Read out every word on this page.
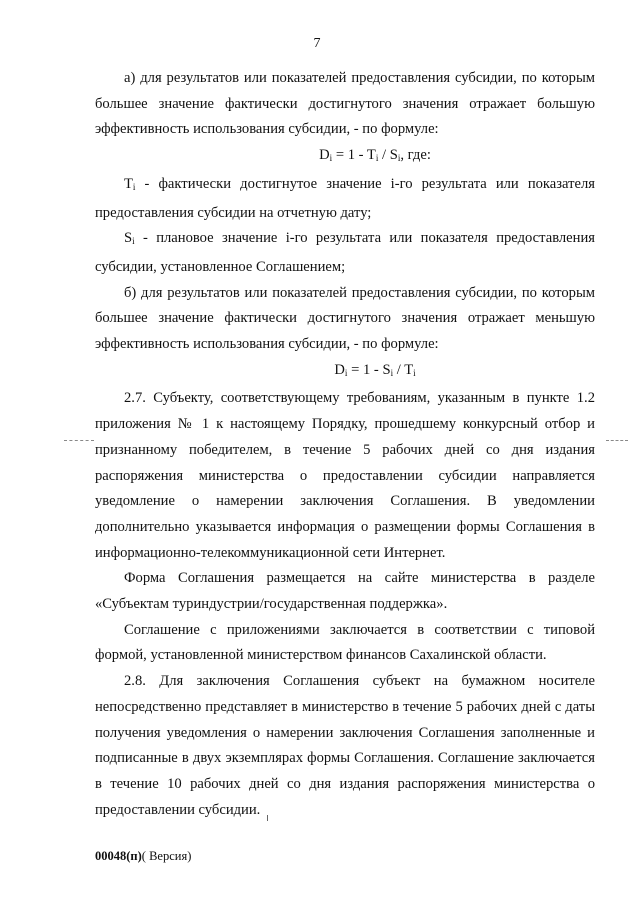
7

а) для результатов или показателей предоставления субсидии, по которым большее значение фактически достигнутого значения отражает большую эффективность использования субсидии, - по формуле:

$D_i = 1 - T_i / S_i$, где:

$T_i$ - фактически достигнутое значение i-го результата или показателя предоставления субсидии на отчетную дату;

$S_i$ - плановое значение i-го результата или показателя предоставления субсидии, установленное Соглашением;

б) для результатов или показателей предоставления субсидии, по которым большее значение фактически достигнутого значения отражает меньшую эффективность использования субсидии, - по формуле:

$D_i = 1 - S_i / T_i$

2.7. Субъекту, соответствующему требованиям, указанным в пункте 1.2 приложения № 1 к настоящему Порядку, прошедшему конкурсный отбор и признанному победителем, в течение 5 рабочих дней со дня издания распоряжения министерства о предоставлении субсидии направляется уведомление о намерении заключения Соглашения. В уведомлении дополнительно указывается информация о размещении формы Соглашения в информационно-телекоммуникационной сети Интернет.

Форма Соглашения размещается на сайте министерства в разделе «Субъектам туриндустрии/государственная поддержка».

Соглашение с приложениями заключается в соответствии с типовой формой, установленной министерством финансов Сахалинской области.

2.8. Для заключения Соглашения субъект на бумажном носителе непосредственно представляет в министерство в течение 5 рабочих дней с даты получения уведомления о намерении заключения Соглашения заполненные и подписанные в двух экземплярах формы Соглашения. Соглашение заключается в течение 10 рабочих дней со дня издания распоряжения министерства о предоставлении субсидии.

00048(п)( Версия)
